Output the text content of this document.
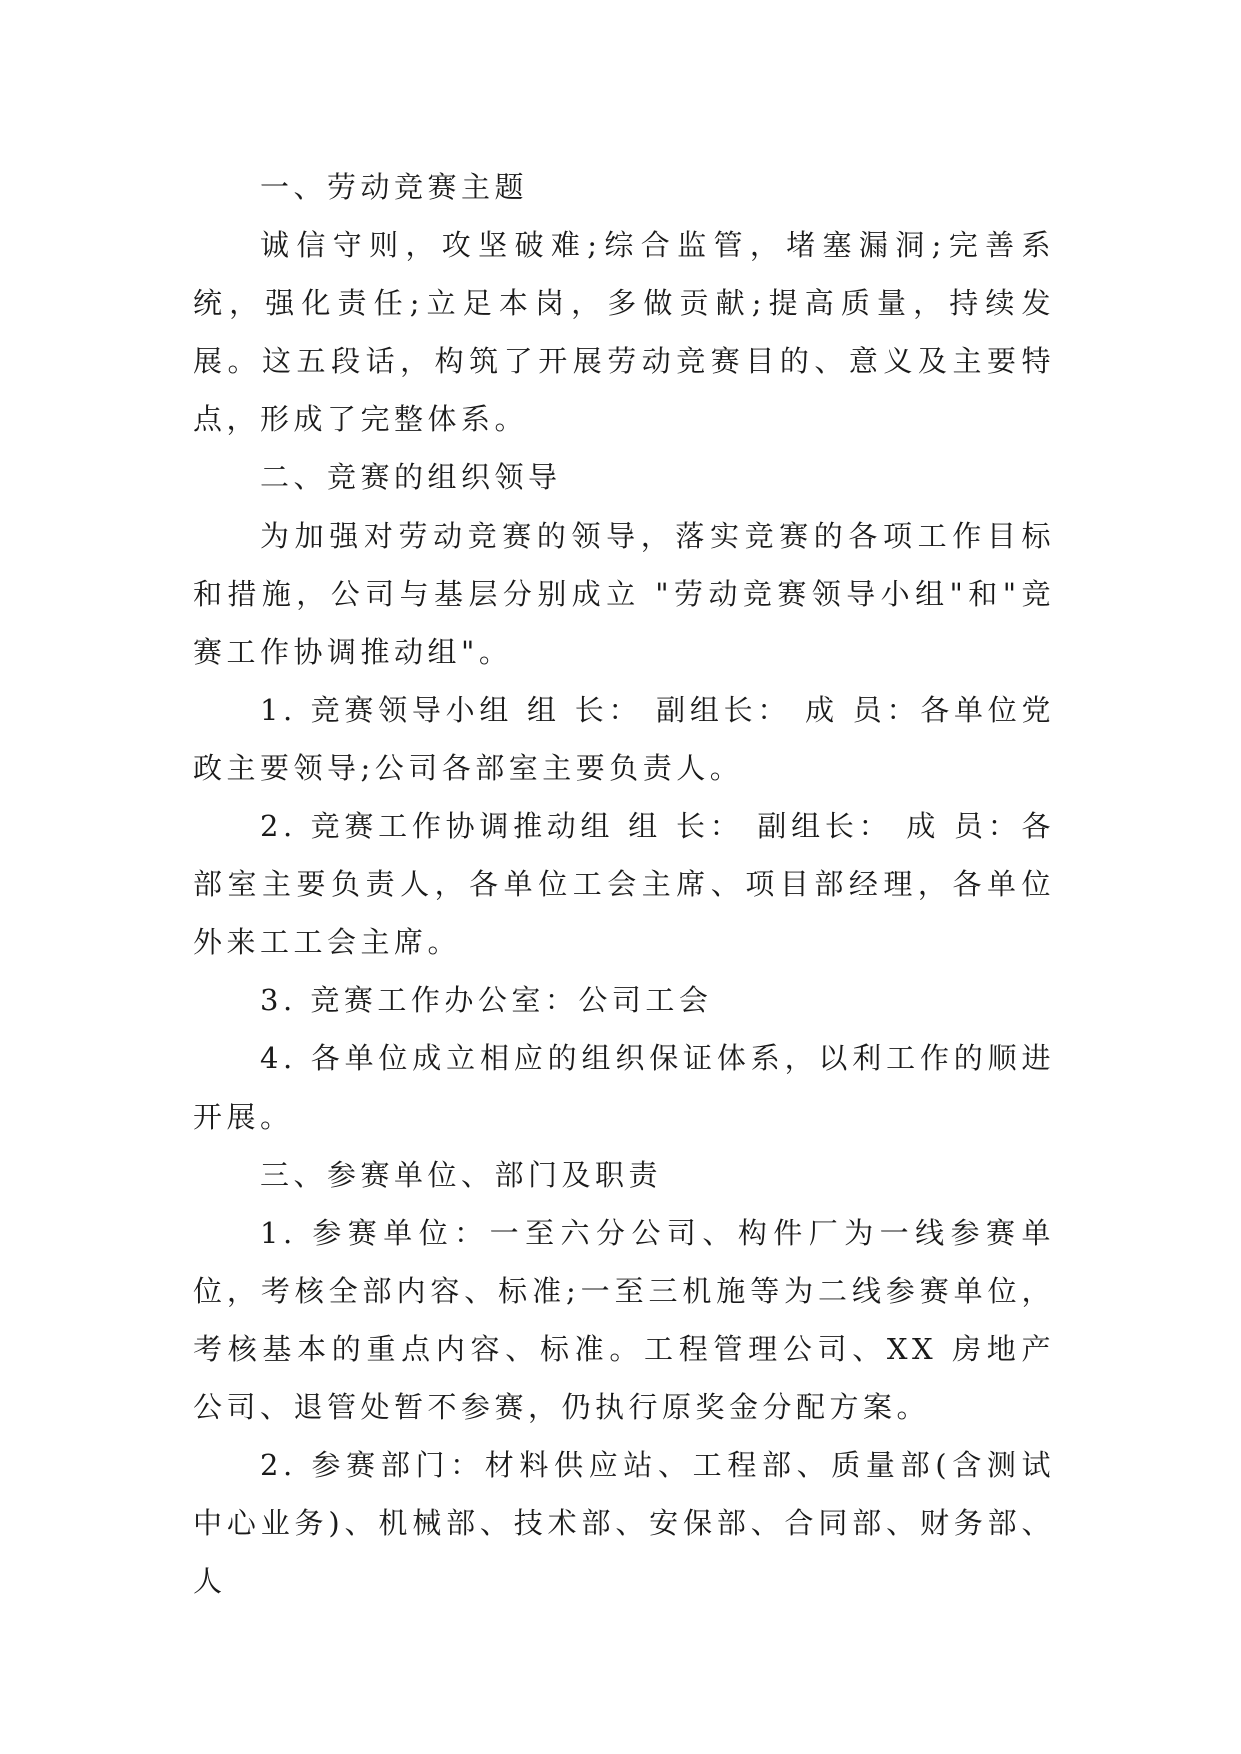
一、劳动竞赛主题

诚信守则，攻坚破难;综合监管，堵塞漏洞;完善系统，强化责任;立足本岗，多做贡献;提高质量，持续发展。这五段话，构筑了开展劳动竞赛目的、意义及主要特点，形成了完整体系。

二、竞赛的组织领导

为加强对劳动竞赛的领导，落实竞赛的各项工作目标和措施，公司与基层分别成立 "劳动竞赛领导小组"和"竞赛工作协调推动组"。

1. 竞赛领导小组 组 长： 副组长： 成 员：各单位党政主要领导;公司各部室主要负责人。

2. 竞赛工作协调推动组 组 长： 副组长： 成 员：各部室主要负责人，各单位工会主席、项目部经理，各单位外来工工会主席。

3. 竞赛工作办公室：公司工会

4. 各单位成立相应的组织保证体系，以利工作的顺进开展。

三、参赛单位、部门及职责

1. 参赛单位：一至六分公司、构件厂为一线参赛单位，考核全部内容、标准;一至三机施等为二线参赛单位，考核基本的重点内容、标准。工程管理公司、XX 房地产公司、退管处暂不参赛，仍执行原奖金分配方案。

2. 参赛部门：材料供应站、工程部、质量部(含测试中心业务)、机械部、技术部、安保部、合同部、财务部、人
